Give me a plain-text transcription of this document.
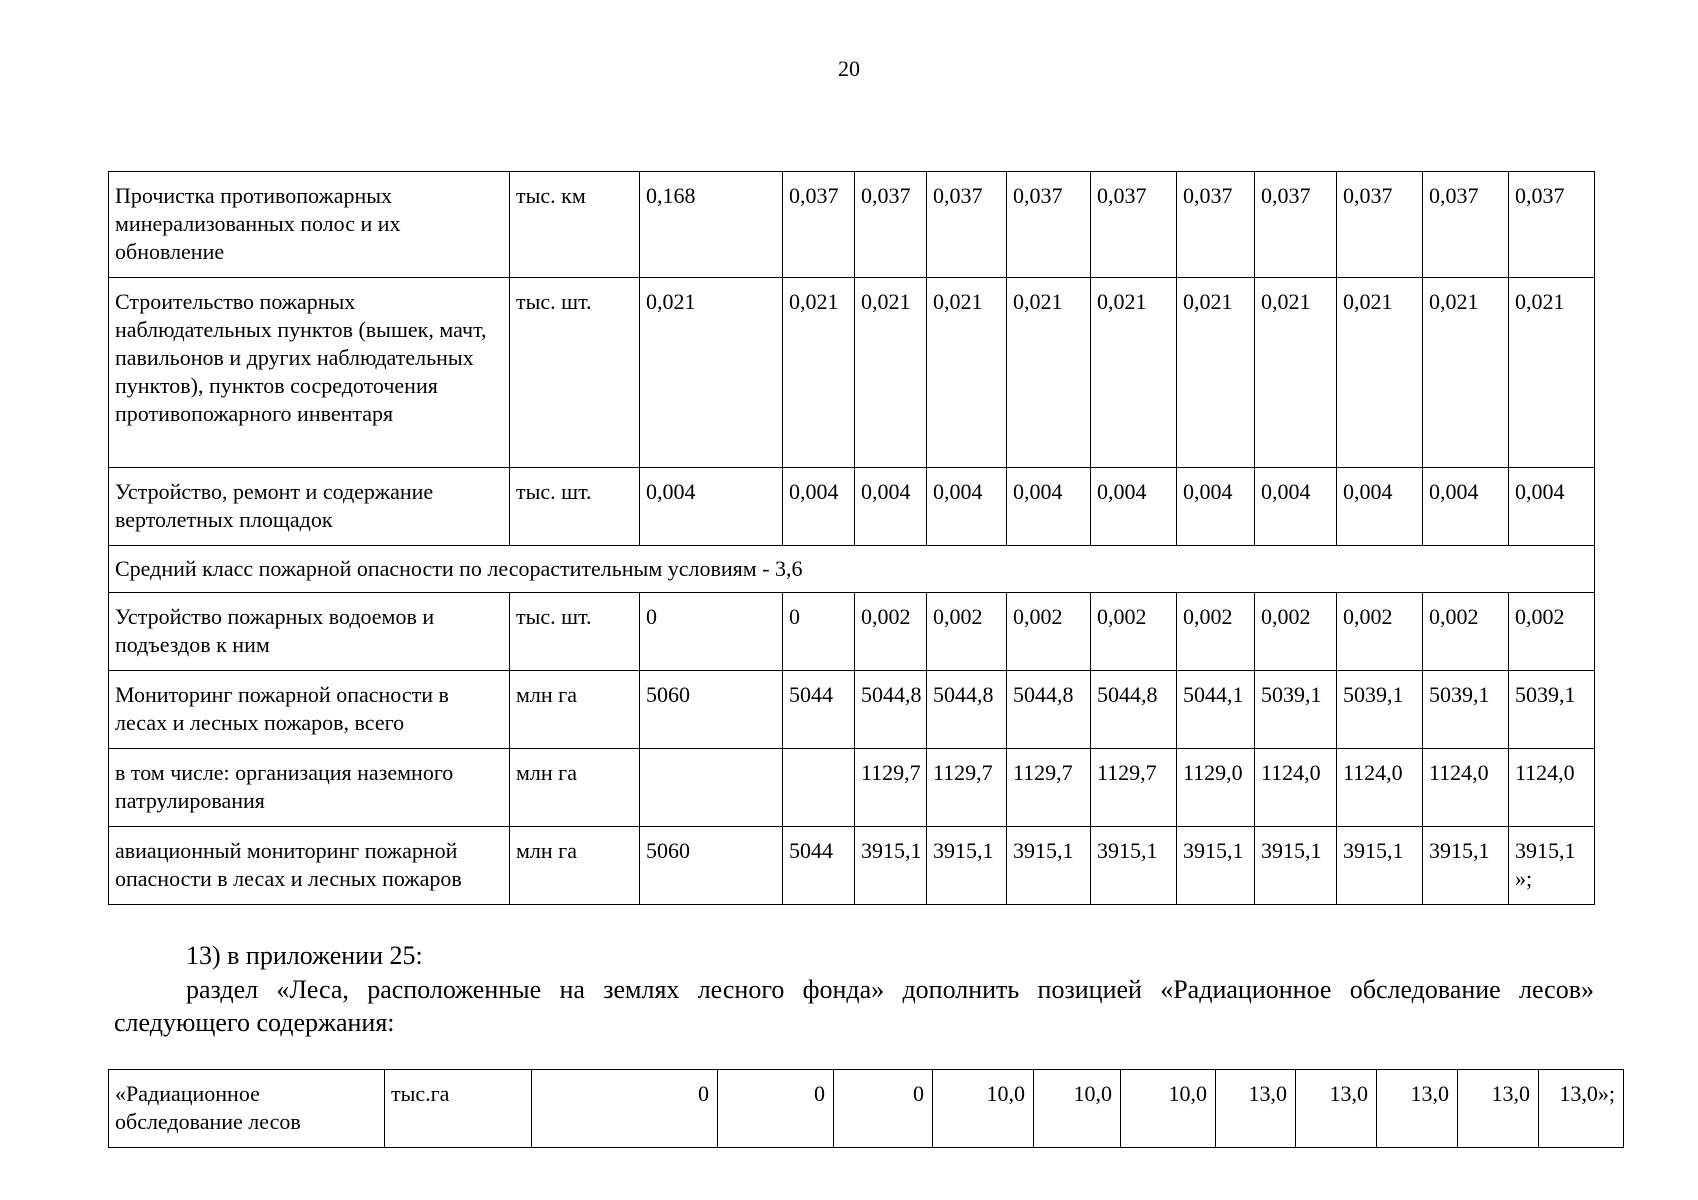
20
Прочистка противопожарных минерализованных полос и их обновление	тыс. км	0,168	0,037	0,037	0,037	0,037	0,037	0,037	0,037	0,037	0,037	0,037
Строительство пожарных наблюдательных пунктов (вышек, мачт, павильонов и других наблюдательных пунктов), пунктов сосредоточения противопожарного инвентаря	тыс. шт.	0,021	0,021	0,021	0,021	0,021	0,021	0,021	0,021	0,021	0,021	0,021
Устройство, ремонт и содержание вертолетных площадок	тыс. шт.	0,004	0,004	0,004	0,004	0,004	0,004	0,004	0,004	0,004	0,004	0,004
Средний класс пожарной опасности по лесорастительным условиям - 3,6												
Устройство пожарных водоемов и подъездов к ним	тыс. шт.	0	0	0,002	0,002	0,002	0,002	0,002	0,002	0,002	0,002	0,002
Мониторинг пожарной опасности в лесах и лесных пожаров, всего	млн га	5060	5044	5044,8	5044,8	5044,8	5044,8	5044,1	5039,1	5039,1	5039,1	5039,1
в том числе: организация наземного патрулирования	млн га			1129,7	1129,7	1129,7	1129,7	1129,0	1124,0	1124,0	1124,0	1124,0
авиационный мониторинг пожарной опасности в лесах и лесных пожаров	млн га	5060	5044	3915,1	3915,1	3915,1	3915,1	3915,1	3915,1	3915,1	3915,1	3915,1 »;
13) в приложении 25:
раздел «Леса, расположенные на землях лесного фонда» дополнить позицией «Радиационное обследование лесов» следующего содержания:
«Радиационное обследование лесов	тыс.га	0	0	0	10,0	10,0	10,0	13,0	13,0	13,0	13,0	13,0»;
